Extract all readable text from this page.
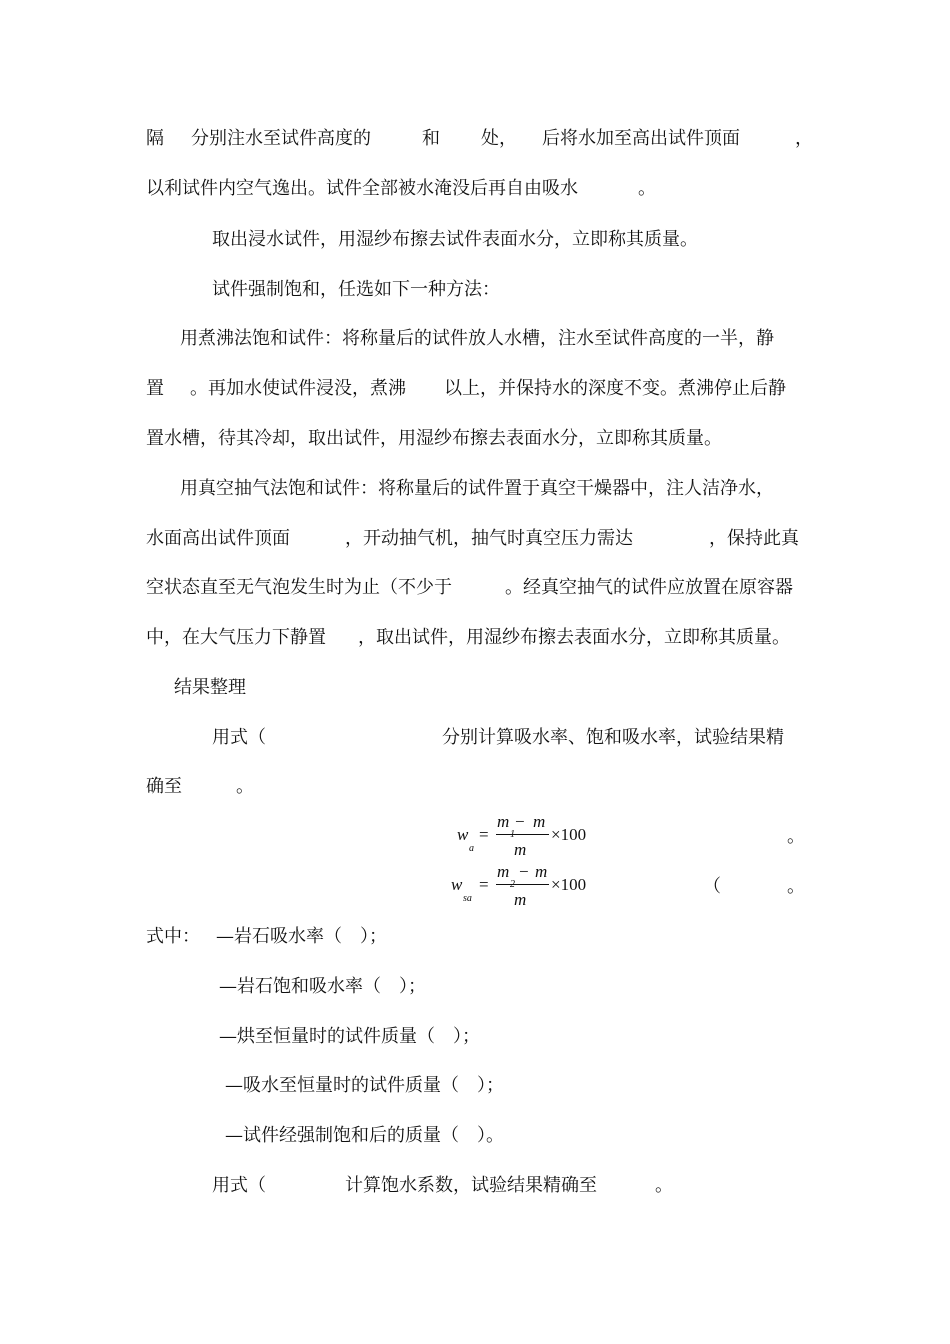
隔 分别注水至试件高度的	和 处， 后将水加至高出试件顶面	，
以利试件内空气逸出。试件全部被水淹没后再自由吸水	。
取出浸水试件，用湿纱布擦去试件表面水分，立即称其质量。
试件强制饱和，任选如下一种方法：
用煮沸法饱和试件：将称量后的试件放人水槽，注水至试件高度的一半，静
置 。再加水使试件浸没，煮沸 以上，并保持水的深度不变。煮沸停止后静
置水槽，待其冷却，取出试件，用湿纱布擦去表面水分，立即称其质量。
用真空抽气法饱和试件：将称量后的试件置于真空干燥器中，注人洁净水，
水面高出试件顶面	，开动抽气机，抽气时真空压力需达	，保持此真
空状态直至无气泡发生时为止（不少于	。经真空抽气的试件应放置在原容器
中，在大气压力下静置 ，取出试件，用湿纱布擦去表面水分，立即称其质量。
结果整理
用式（	分别计算吸水率、饱和吸水率，试验结果精
确至	。
w
a
=
m − m
m
×100	。
w
sa
=
m − m
m
×100	（	。
式中： —岩石吸水率（　）；
—岩石饱和吸水率（　）；
—烘至恒量时的试件质量（　）；
—吸水至恒量时的试件质量（　）；
—试件经强制饱和后的质量（　）。
用式（	计算饱水系数，试验结果精确至	。
